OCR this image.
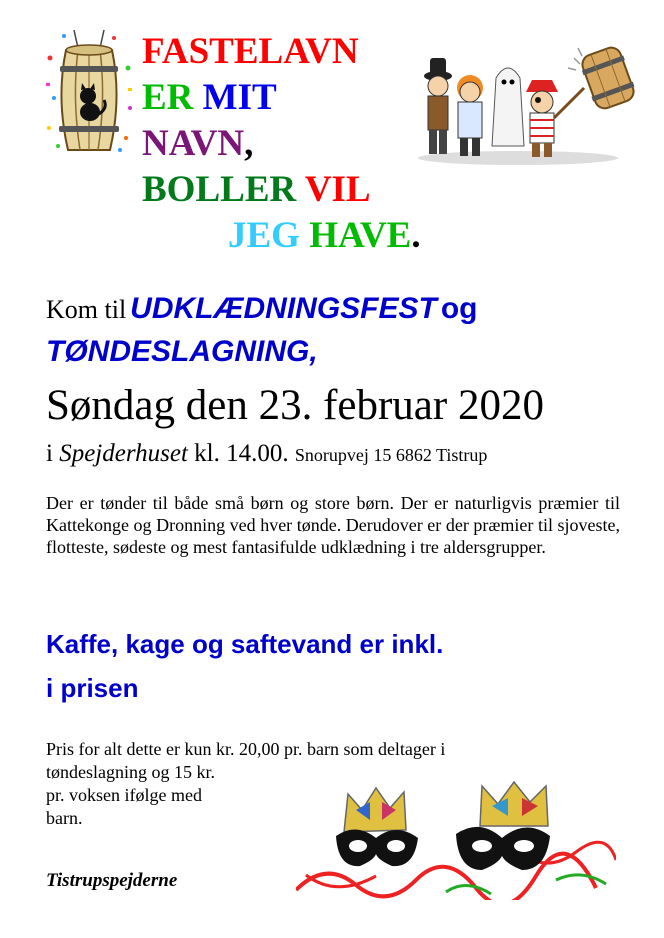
FASTELAVN
ER MIT
NAVN,
BOLLER VIL
JEG HAVE.
Kom til UDKLÆDNINGSFEST og
TØNDESLAGNING,
Søndag den 23. februar 2020
i Spejderhuset kl. 14.00. Snorupvej 15 6862 Tistrup
Der er tønder til både små børn og store børn. Der er naturligvis præmier til Kattekonge og Dronning ved hver tønde. Derudover er der præmier til sjoveste, flotteste, sødeste og mest fantasifulde udklædning i tre aldersgrupper.
Kaffe, kage og saftevand er inkl.
i prisen
Pris for alt dette er kun kr. 20,00 pr. barn som deltager i
tøndeslagning og 15 kr.
pr. voksen ifølge med
barn.
Tistrupspejderne
